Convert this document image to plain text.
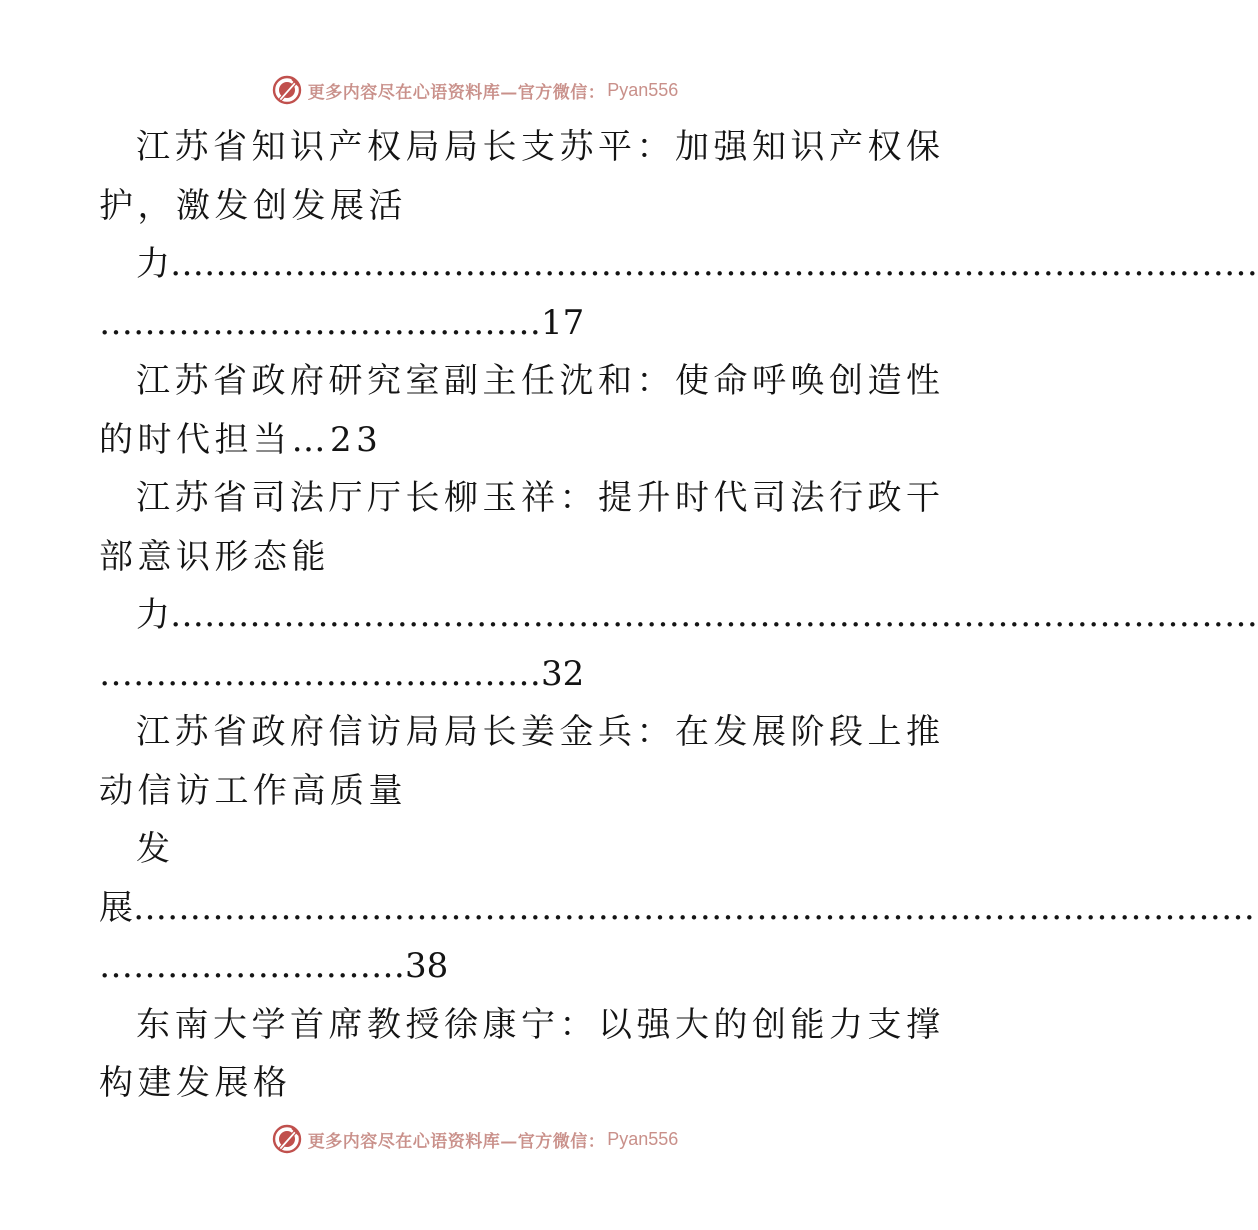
更多内容尽在心语资料库—官方微信： Pyan556
江苏省知识产权局局长支苏平：加强知识产权保
护，激发创发展活
力……………………………………………………………………………………
…………………………………17
江苏省政府研究室副主任沈和：使命呼唤创造性
的时代担当…23
江苏省司法厅厅长柳玉祥：提升时代司法行政干
部意识形态能
力……………………………………………………………………………………
…………………………………32
江苏省政府信访局局长姜金兵：在发展阶段上推
动信访工作高质量
发
展………………………………………………………………………………………
………………………38
东南大学首席教授徐康宁：以强大的创能力支撑
构建发展格
更多内容尽在心语资料库—官方微信： Pyan556
